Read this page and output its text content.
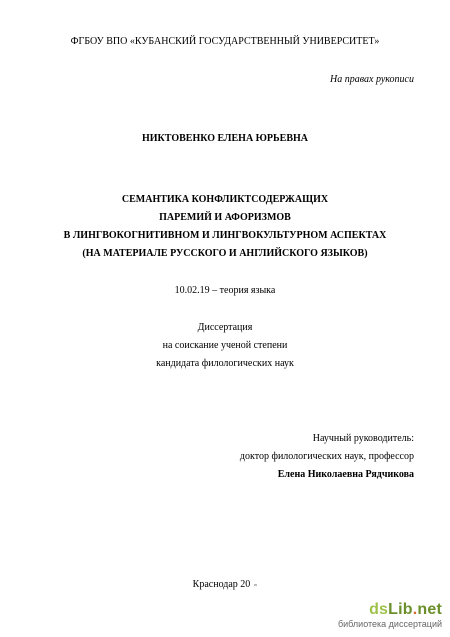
ФГБОУ ВПО «КУБАНСКИЙ ГОСУДАРСТВЕННЫЙ УНИВЕРСИТЕТ»
На правах рукописи
НИКТОВЕНКО ЕЛЕНА ЮРЬЕВНА
СЕМАНТИКА КОНФЛИКТСОДЕРЖАЩИХ
ПАРЕМИЙ И АФОРИЗМОВ
В ЛИНГВОКОГНИТИВНОМ И ЛИНГВОКУЛЬТУРНОМ АСПЕКТАХ
(НА МАТЕРИАЛЕ РУССКОГО И АНГЛИЙСКОГО ЯЗЫКОВ)
10.02.19 – теория языка
Диссертация
на соискание ученой степени
кандидата филологических наук
Научный руководитель:
доктор филологических наук, профессор
Елена Николаевна Рядчикова
Краснодар 20
dsLib.net
библиотека диссертаций
